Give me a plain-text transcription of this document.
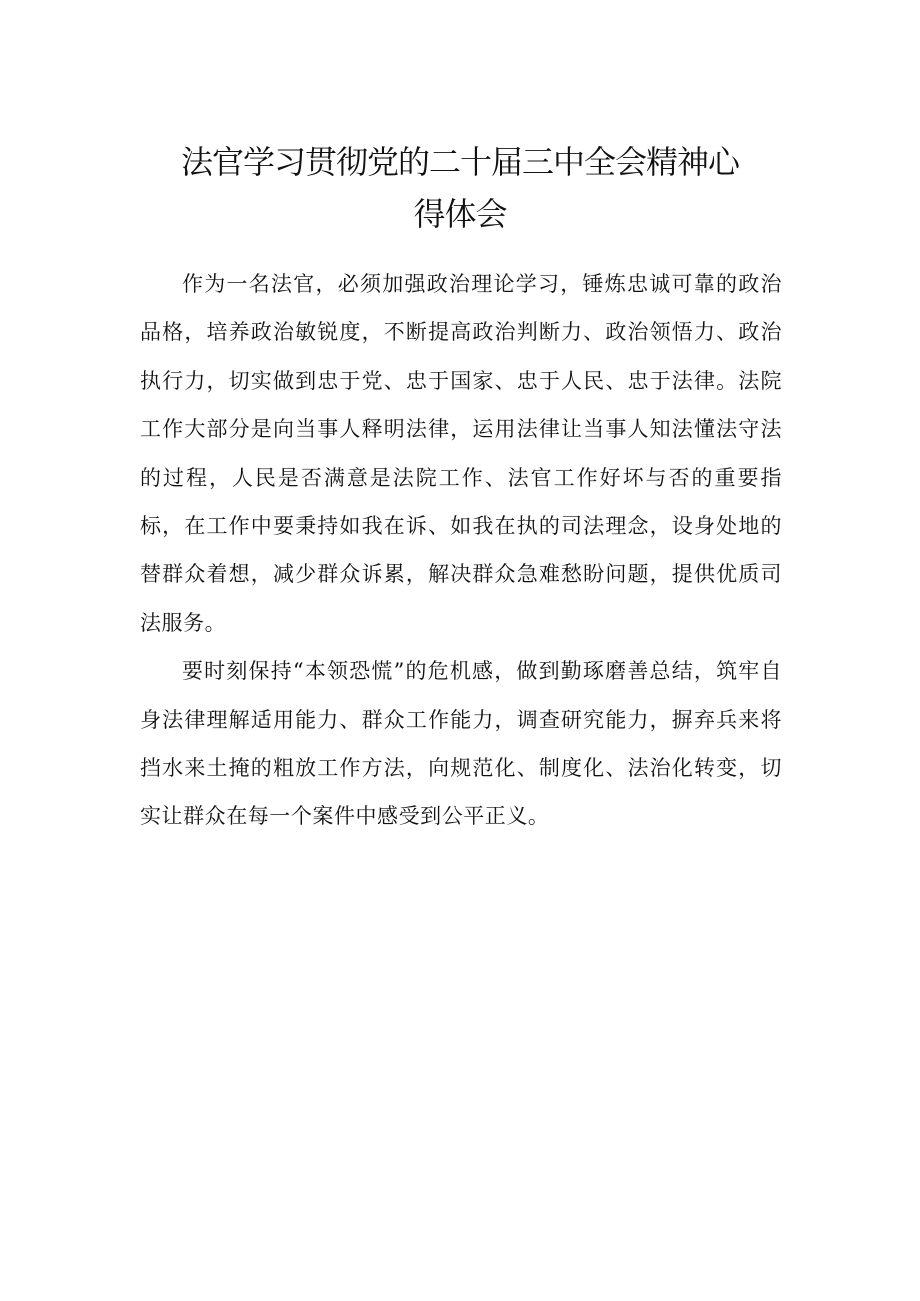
法官学习贯彻党的二十届三中全会精神心
得体会

作为一名法官，必须加强政治理论学习，锤炼忠诚可靠的政治品格，培养政治敏锐度，不断提高政治判断力、政治领悟力、政治执行力，切实做到忠于党、忠于国家、忠于人民、忠于法律。法院工作大部分是向当事人释明法律，运用法律让当事人知法懂法守法的过程，人民是否满意是法院工作、法官工作好坏与否的重要指标，在工作中要秉持如我在诉、如我在执的司法理念，设身处地的替群众着想，减少群众诉累，解决群众急难愁盼问题，提供优质司法服务。

要时刻保持“本领恐慌”的危机感，做到勤琢磨善总结，筑牢自身法律理解适用能力、群众工作能力，调查研究能力，摒弃兵来将挡水来土掩的粗放工作方法，向规范化、制度化、法治化转变，切实让群众在每一个案件中感受到公平正义。
